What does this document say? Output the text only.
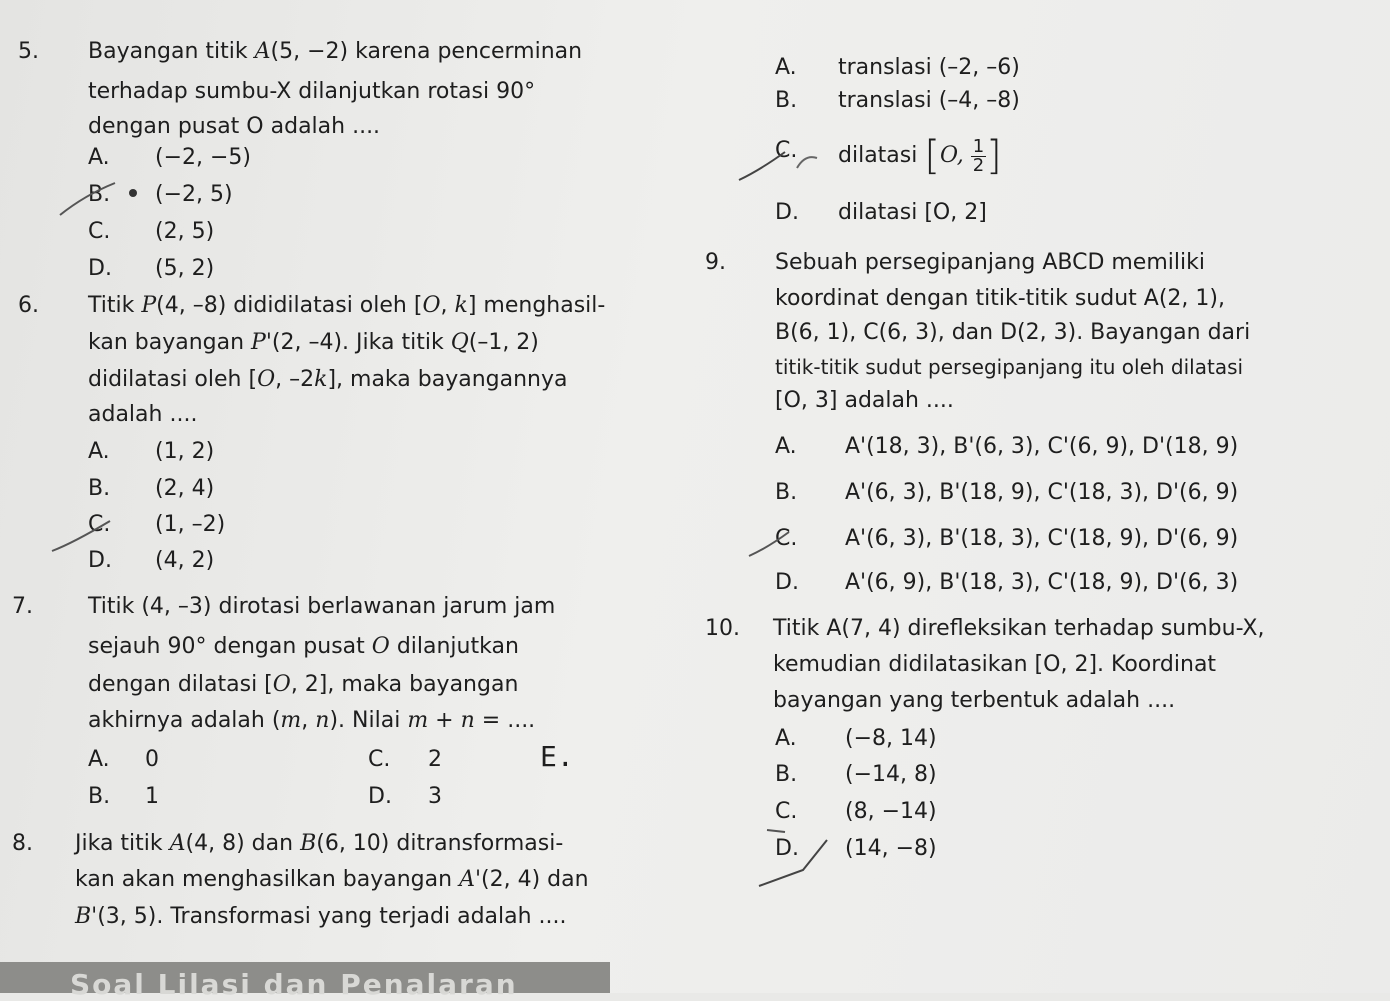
5. Bayangan titik A(5, −2) karena pencerminan
terhadap sumbu-X dilanjutkan rotasi 90°
dengan pusat O adalah ....
A. (−2, −5)
B. (−2, 5)
C. (2, 5)
D. (5, 2)
6. Titik P(4, –8) dididilatasi oleh [O, k] menghasil-
kan bayangan P'(2, –4). Jika titik Q(–1, 2)
didilatasi oleh [O, –2k], maka bayangannya
adalah ....
A. (1, 2)
B. (2, 4)
C. (1, –2)
D. (4, 2)
7.	Titik (4, –3) dirotasi berlawanan jarum jam
sejauh 90° dengan pusat O dilanjutkan
dengan dilatasi [O, 2], maka bayangan
akhirnya adalah (m, n). Nilai m + n = ....
A. 0
B. 1
C. 2
D. 3
E.
8. Jika titik A(4, 8) dan B(6, 10) ditransformasi-
kan akan menghasilkan bayangan A'(2, 4) dan
B'(3, 5). Transformasi yang terjadi adalah ....
A. translasi (–2, –6)
B. translasi (–4, –8)
C. dilatasi [O, $\frac{1}{2}$ ]
D. dilatasi [O, 2]
9. Sebuah persegipanjang ABCD memiliki
koordinat dengan titik-titik sudut A(2, 1),
B(6, 1), C(6, 3), dan D(2, 3). Bayangan dari
titik-titik sudut persegipanjang itu oleh dilatasi
[O, 3] adalah ....
A. A'(18, 3), B'(6, 3), C'(6, 9), D'(18, 9)
B. A'(6, 3), B'(18, 9), C'(18, 3), D'(6, 9)
C. A'(6, 3), B'(18, 3), C'(18, 9), D'(6, 9)
D. A'(6, 9), B'(18, 3), C'(18, 9), D'(6, 3)
10. Titik A(7, 4) direfleksikan terhadap sumbu-X,
kemudian didilatasikan [O, 2]. Koordinat
bayangan yang terbentuk adalah ....
A. (−8, 14)
B. (−14, 8)
C. (8, −14)
D. (14, −8)
Soal Lilasi dan Penalaran
